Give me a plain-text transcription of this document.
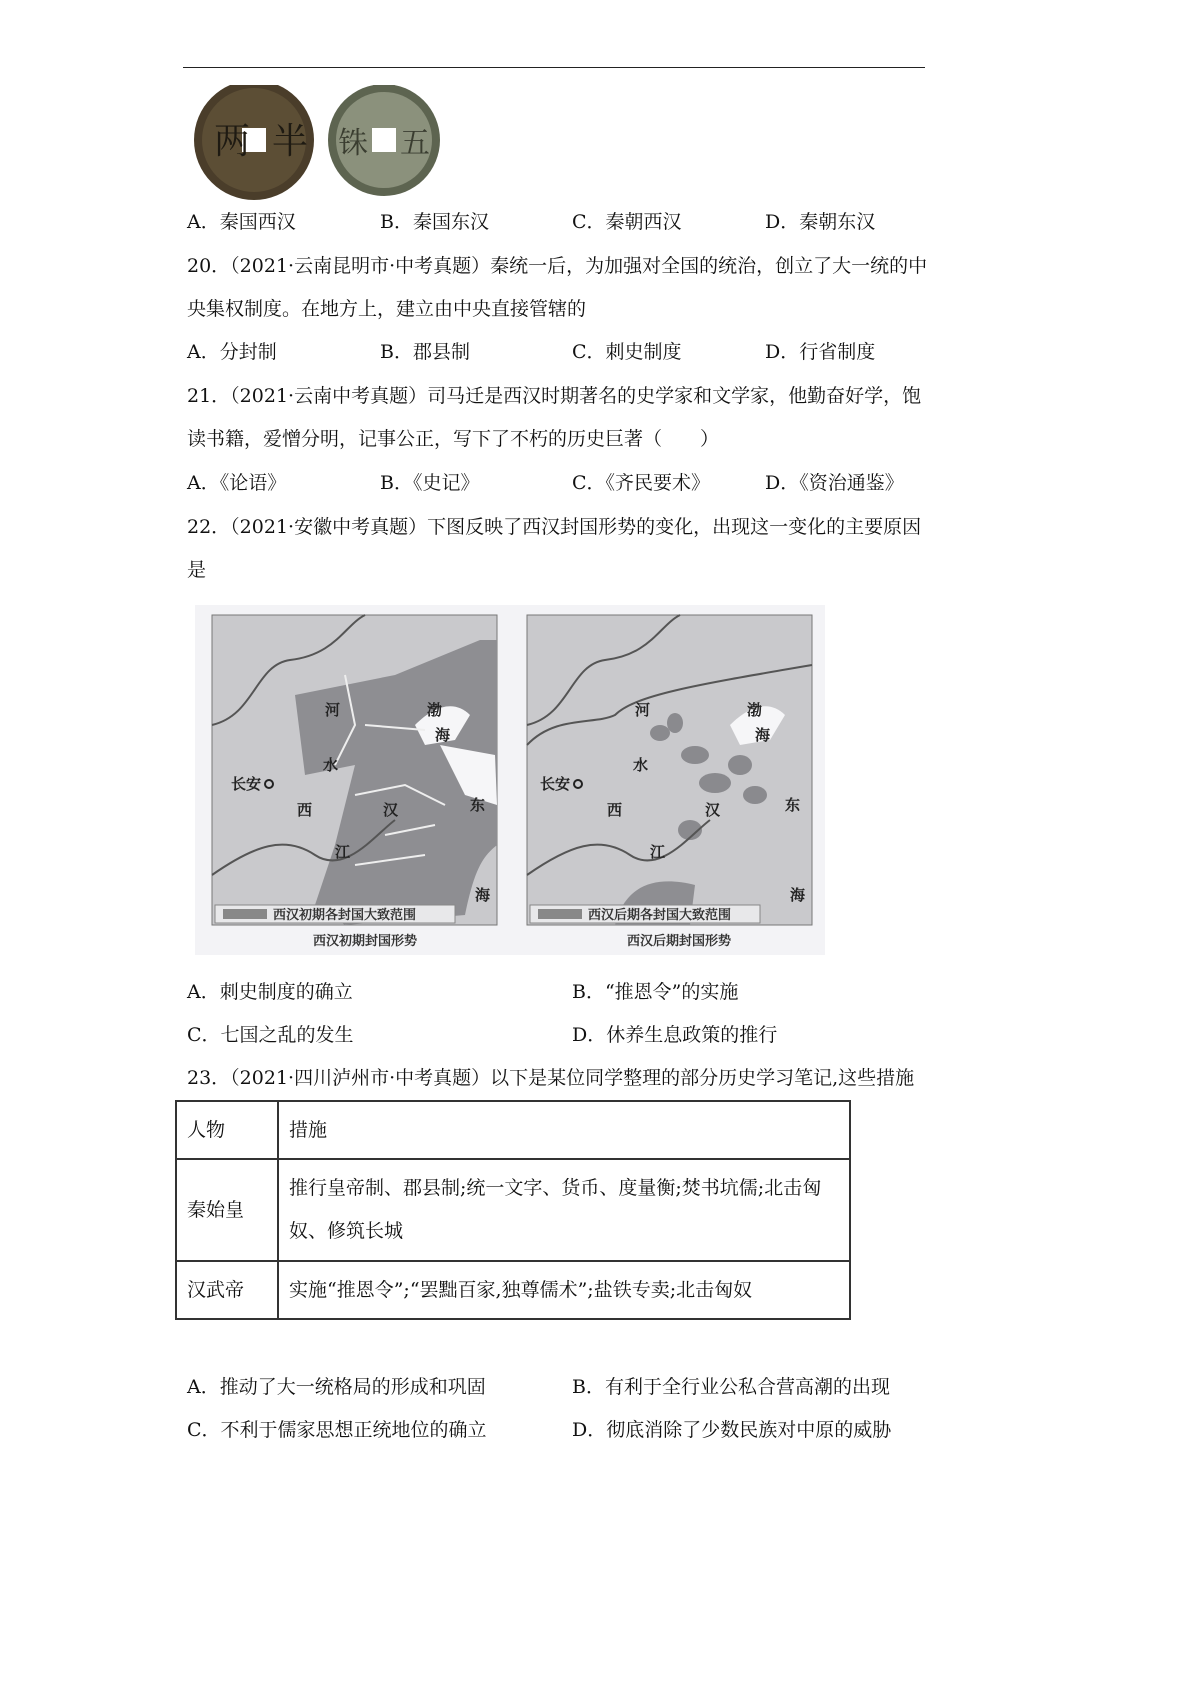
两 半 铢 五
A．秦国西汉	B．秦国东汉	C．秦朝西汉	D．秦朝东汉
20．（2021·云南昆明市·中考真题）秦统一后，为加强对全国的统治，创立了大一统的中
央集权制度。在地方上，建立由中央直接管辖的
A．分封制	B．郡县制	C．刺史制度	D．行省制度
21．（2021·云南中考真题）司马迁是西汉时期著名的史学家和文学家，他勤奋好学，饱
读书籍，爱憎分明，记事公正，写下了不朽的历史巨著（　　）
A．《论语》	B．《史记》	C．《齐民要术》	D．《资治通鉴》
22．（2021·安徽中考真题）下图反映了西汉封国形势的变化，出现这一变化的主要原因
是
西汉初期各封国大致范围
西汉初期封国形势
长安
西	汉
河
水
江
渤
海
东
海
西汉后期各封国大致范围
西汉后期封国形势
长安
西	汉
河
水
江
渤
海
东
海
A．刺史制度的确立	B．“推恩令”的实施
C．七国之乱的发生	D．休养生息政策的推行
23．（2021·四川泸州市·中考真题）以下是某位同学整理的部分历史学习笔记,这些措施
人物	措施
秦始皇	推行皇帝制、郡县制;统一文字、货币、度量衡;焚书坑儒;北击匈
奴、修筑长城

汉武帝	实施“推恩令”;“罢黜百家,独尊儒术”;盐铁专卖;北击匈奴
A．推动了大一统格局的形成和巩固	B．有利于全行业公私合营高潮的出现
C．不利于儒家思想正统地位的确立	D．彻底消除了少数民族对中原的威胁
